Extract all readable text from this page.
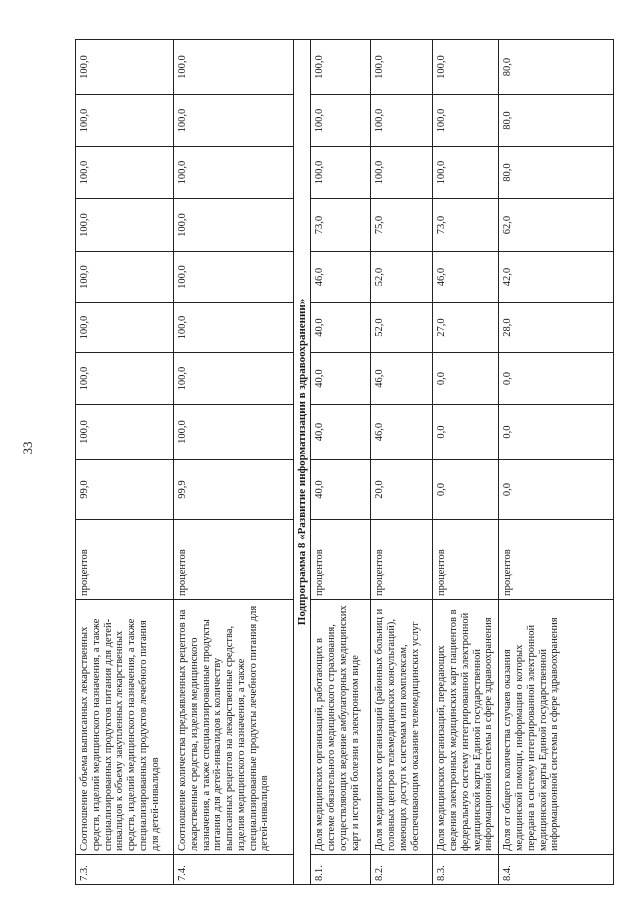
33
7.3.	Соотношение объема выписанных лекарственных средств, изделий медицинского назначения, а также специализированных продуктов питания для детей-инвалидов к объему закупленных лекарственных средств, изделий медицинского назначения, а также специализированных продуктов лечебного питания для детей-инвалидов	процентов	99,0	100,0	100,0	100,0	100,0	100,0	100,0	100,0	100,0
7.4.	Соотношение количества предъявленных рецептов на лекарственные средства, изделия медицинского назначения, а также специализированные продукты питания для детей-инвалидов к количеству выписанных рецептов на лекарственные средства, изделия медицинского назначения, а также специализированные продукты лечебного питания для детей-инвалидов	процентов	99,9	100,0	100,0	100,0	100,0	100,0	100,0	100,0	100,0
Подпрограмма 8 «Развитие информатизации в здравоохранении»											
8.1.	Доля медицинских организаций, работающих в системе обязательного медицинского страхования, осуществляющих ведение амбулаторных медицинских карт и историй болезни в электронном виде	процентов	40,0	40,0	40,0	40,0	46,0	73,0	100,0	100,0	100,0
8.2.	Доля медицинских организаций (районных больниц и головных центров телемедицинских консультаций), имеющих доступ к системам или комплексам, обеспечивающим оказание телемедицинских услуг	процентов	20,0	46,0	46,0	52,0	52,0	75,0	100,0	100,0	100,0
8.3.	Доля медицинских организаций, передающих сведения электронных медицинских карт пациентов в федеральную систему интегрированной электронной медицинской карты Единой государственной информационной системы в сфере здравоохранения	процентов	0,0	0,0	0,0	27,0	46,0	73,0	100,0	100,0	100,0
8.4.	Доля от общего количества случаев оказания медицинской помощи, информация о которых передана в систему интегрированной электронной медицинской карты Единой государственной информационной системы в сфере здравоохранения	процентов	0,0	0,0	0,0	28,0	42,0	62,0	80,0	80,0	80,0
